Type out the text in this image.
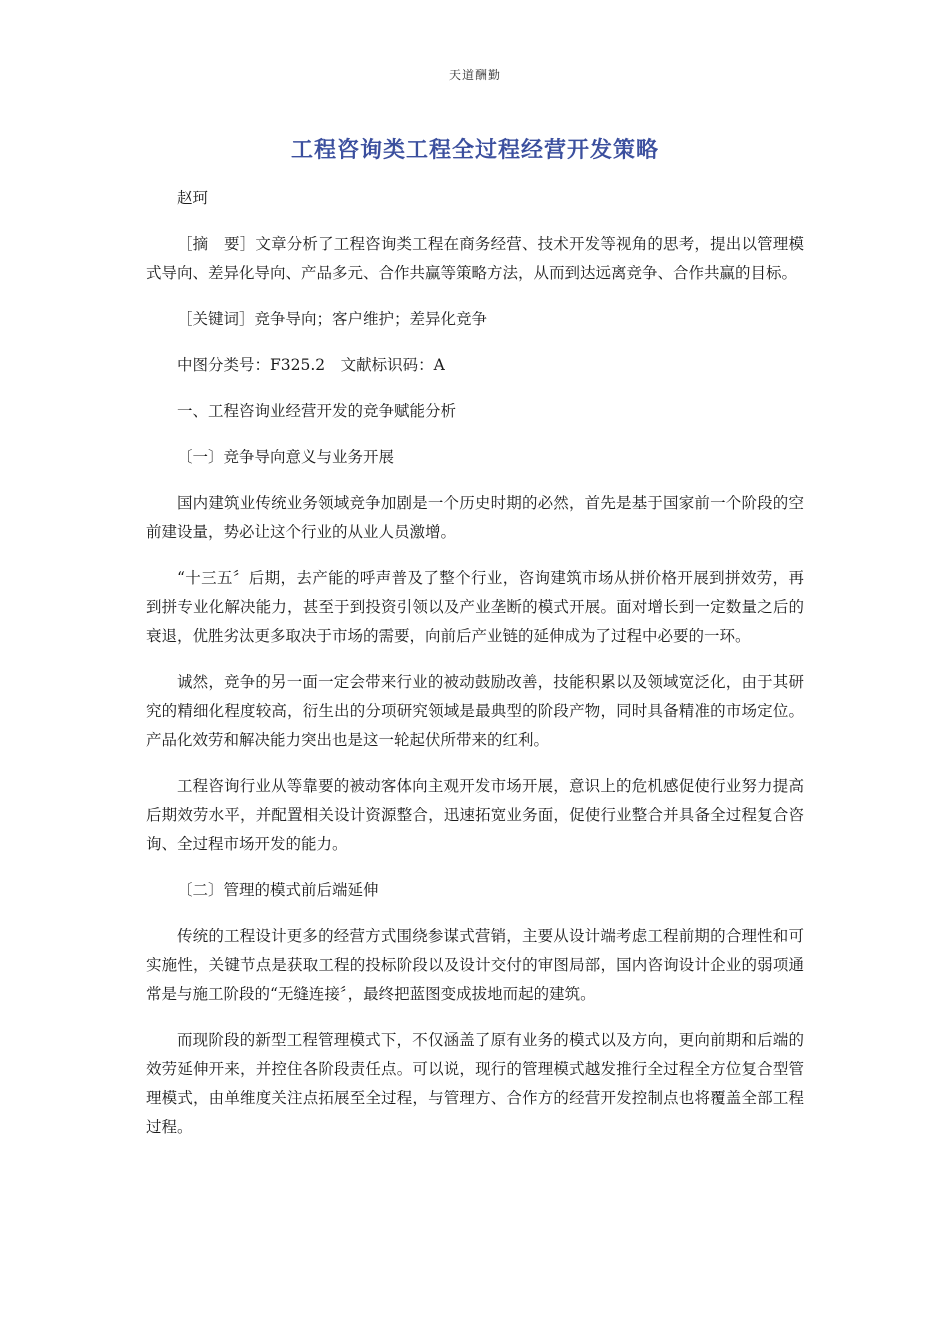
天道酬勤
工程咨询类工程全过程经营开发策略

赵珂

［摘　要］文章分析了工程咨询类工程在商务经营、技术开发等视角的思考，提出以管理模式导向、差异化导向、产品多元、合作共赢等策略方法，从而到达远离竞争、合作共赢的目标。

［关键词］竞争导向；客户维护；差异化竞争

中图分类号：F325.2　文献标识码：A

一、工程咨询业经营开发的竞争赋能分析

〔一〕竞争导向意义与业务开展

国内建筑业传统业务领域竞争加剧是一个历史时期的必然，首先是基于国家前一个阶段的空前建设量，势必让这个行业的从业人员激增。

“十三五〞后期，去产能的呼声普及了整个行业，咨询建筑市场从拼价格开展到拼效劳，再到拼专业化解决能力，甚至于到投资引领以及产业垄断的模式开展。面对增长到一定数量之后的衰退，优胜劣汰更多取决于市场的需要，向前后产业链的延伸成为了过程中必要的一环。

诚然，竞争的另一面一定会带来行业的被动鼓励改善，技能积累以及领域宽泛化，由于其研究的精细化程度较高，衍生出的分项研究领域是最典型的阶段产物，同时具备精准的市场定位。产品化效劳和解决能力突出也是这一轮起伏所带来的红利。

工程咨询行业从等靠要的被动客体向主观开发市场开展，意识上的危机感促使行业努力提高后期效劳水平，并配置相关设计资源整合，迅速拓宽业务面，促使行业整合并具备全过程复合咨询、全过程市场开发的能力。

〔二〕管理的模式前后端延伸

传统的工程设计更多的经营方式围绕参谋式营销，主要从设计端考虑工程前期的合理性和可实施性，关键节点是获取工程的投标阶段以及设计交付的审图局部，国内咨询设计企业的弱项通常是与施工阶段的“无缝连接〞，最终把蓝图变成拔地而起的建筑。

而现阶段的新型工程管理模式下，不仅涵盖了原有业务的模式以及方向，更向前期和后端的效劳延伸开来，并控住各阶段责任点。可以说，现行的管理模式越发推行全过程全方位复合型管理模式，由单维度关注点拓展至全过程，与管理方、合作方的经营开发控制点也将覆盖全部工程过程。
